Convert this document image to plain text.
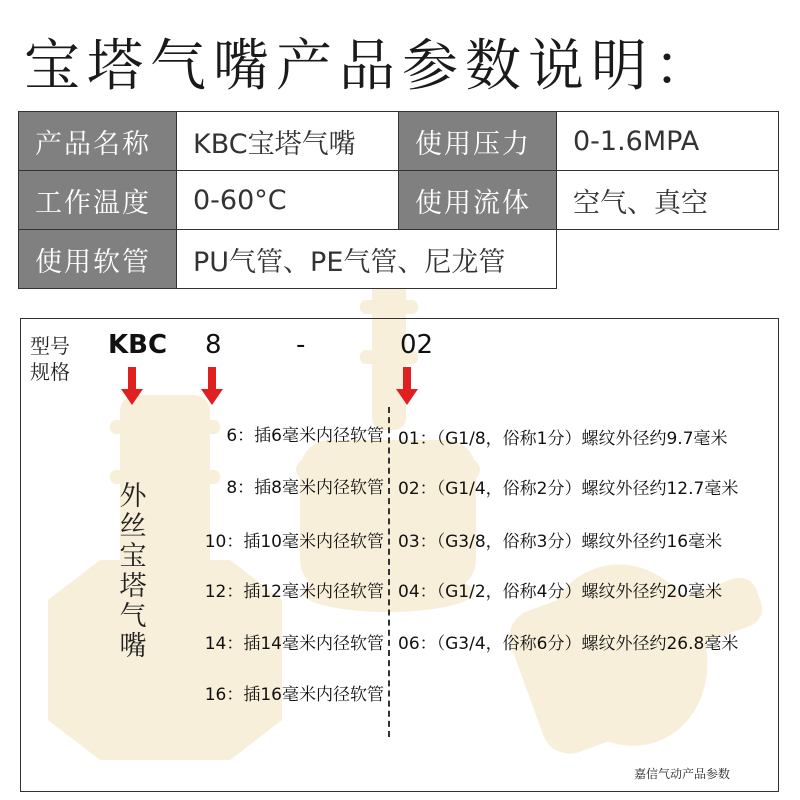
宝塔气嘴产品参数说明：
产品名称	KBC宝塔气嘴	使用压力	0-1.6MPA
工作温度	0-60°C	使用流体	空气、真空
使用软管	PU气管、PE气管、尼龙管		
型号
规格
KBC 8	-	02
外
丝
宝
塔
气
嘴
6：插6毫米内径软管
8：插8毫米内径软管
10：插10毫米内径软管
12：插12毫米内径软管
14：插14毫米内径软管
16：插16毫米内径软管
01：（G1/8，俗称1分）螺纹外径约9.7毫米
02：（G1/4，俗称2分）螺纹外径约12.7毫米
03：（G3/8，俗称3分）螺纹外径约16毫米
04：（G1/2，俗称4分）螺纹外径约20毫米
06：（G3/4，俗称6分）螺纹外径约26.8毫米
嘉信气动产品参数
